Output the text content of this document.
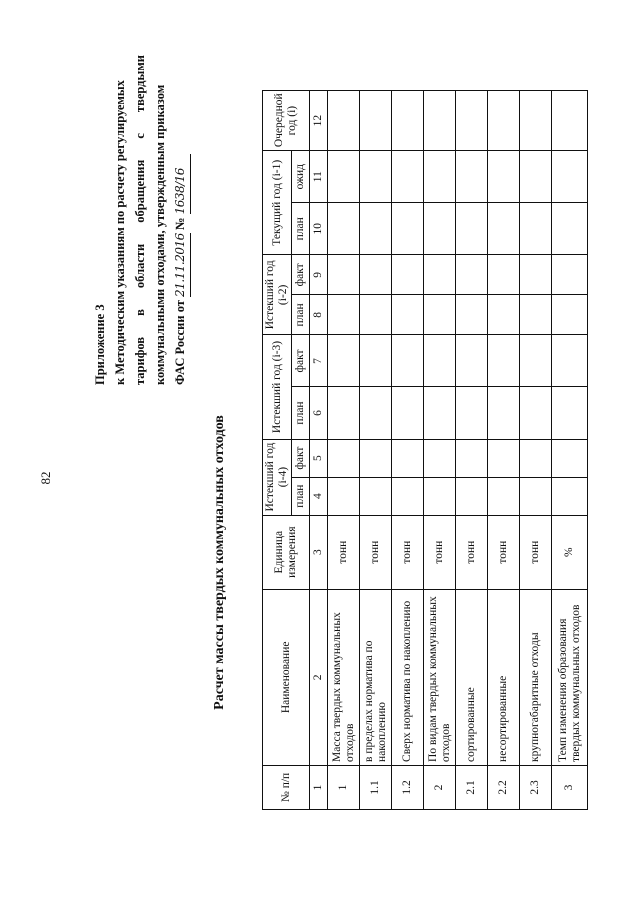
82
Приложение 3 к Методическим указаниям по расчету регулируемых тарифов
в
области
обращения
с
твердыми
коммунальными отходами, утвержденным приказом ФАС России от 21.11.2016 № 1638/16
Расчет массы твердых коммунальных отходов
№ п/п	Наименование	Единица измерения	Истекший год (i-4)		Истекший год (i-3)		Истекший год (i-2)		Текущий год (i-1)		Очередной год (i)
			план	факт	план	факт	план	факт	план	ожид	
1	2	3	4	5	6	7	8	9	10	11	12
1	Масса твердых коммунальных отходов	тонн									
1.1	в пределах норматива по накоплению	тонн									
1.2	Сверх норматива по накоплению	тонн									
2	По видам твердых коммунальных отходов	тонн									
2.1	сортированные	тонн									
2.2	несортированные	тонн									
2.3	крупногабаритные отходы	тонн									
3	Темп изменения образования твердых коммунальных отходов	%									
